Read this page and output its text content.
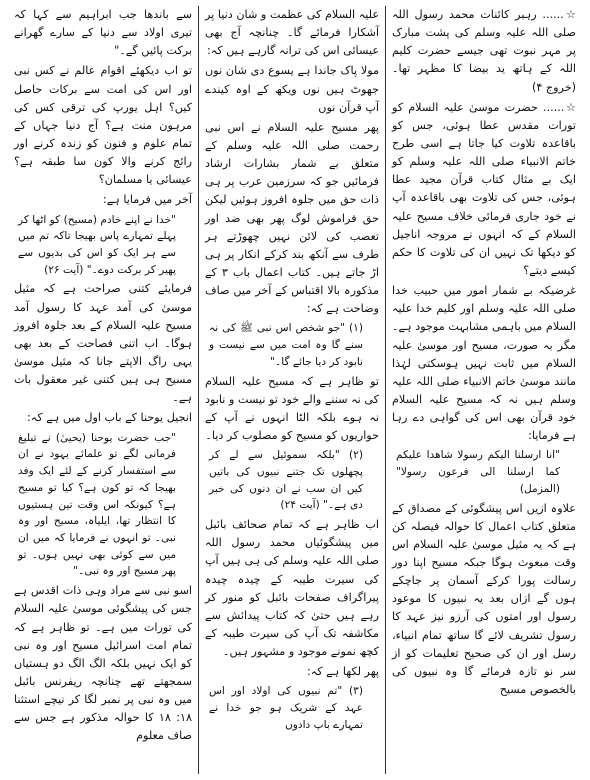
☆...... رہبر کائنات محمد رسول اللہ صلی اللہ علیہ وسلم کی پشت مبارک پر مہر نبوت تھی جیسے حضرت کلیم اللہ کے ہاتھ ید بیضا کا مظہر تھا۔ (خروج ۴)

☆...... حضرت موسیٰ علیہ السلام کو تورات مقدس عطا ہوئی، جس کو باقاعدہ تلاوت کیا جاتا ہے اسی طرح خاتم الانبیاء صلی اللہ علیہ وسلم کو ایک بے مثال کتاب قرآن مجید عطا ہوئی، جس کی تلاوت بھی باقاعدہ آپ نے خود جاری فرمائی خلاف مسیح علیہ السلام کے کہ انہوں نے مروجہ اناجیل کو دیکھا تک نہیں ان کی تلاوت کا حکم کیسے دیتے؟

غرضیکہ بے شمار امور میں حبیب خدا صلی اللہ علیہ وسلم اور کلیم خدا علیہ السلام میں باہمی مشابہت موجود ہے۔ مگر بہ صورت، مسیح اور موسیٰ علیہ السلام میں ثابت نہیں ہوسکتی لہٰذا مانند موسیٰ خاتم الانبیاء صلی اللہ علیہ وسلم ہیں نہ کہ مسیح علیہ السلام خود قرآن بھی اس کی گواہی دے رہا ہے فرمایا:

"انا ارسلنا الیکم رسولا شاھدا علیکم کما ارسلنا الی فرعون رسولا" (المزمل)

علاوہ ازیں اس پیشگوئی کے مصداق کے متعلق کتاب اعمال کا حوالہ فیصلہ کن ہے کہ یہ مثیل موسیٰ علیہ السلام اس وقت مبعوث ہوگا جبکہ مسیح اپنا دور رسالت پورا کرکے آسمان پر جاچکے ہوں گے ازاں بعد یہ نبیوں کا موعود رسول اور امتوں کی آرزو نیز عہد کا رسول تشریف لائے گا ساتھ تمام انبیاء، رسل اور ان کی صحیح تعلیمات کو از سر نو تازہ فرمائے گا وہ نبیوں کی بالخصوص مسیح

علیہ السلام کی عظمت و شان دنیا پر آشکارا فرمائے گا۔ چنانچہ آج بھی عیسائی اس کی ترانہ گارہے ہیں کہ:

مولا پاک جاندا ہے یسوع دی شان نوں جھوٹ ہیں نوں ویکھ کے اوہ کیندے آپ قرآن نوں

پھر مسیح علیہ السلام نے اس نبی رحمت صلی اللہ علیہ وسلم کے متعلق بے شمار بشارات ارشاد فرمائیں جو کہ سرزمین عرب پر ہی ذات حق میں جلوہ افروز ہوئیں لیکن حق فراموش لوگ پھر بھی ضد اور تعصب کی لائن نہیں چھوڑتے ہر طرف سے آنکھ بند کرکے انکار پر ہی اڑ جاتے ہیں۔ کتاب اعمال باب ۳ کے مذکورہ بالا اقتباس کے آخر میں صاف وضاحت ہے کہ:

(۱) "جو شخص اس نبی ﷺ کی نہ سنے گا وہ امت میں سے نیست و نابود کر دیا جائے گا۔"

تو ظاہر ہے کہ مسیح علیہ السلام کی نہ سننے والے خود تو نیست و نابود نہ ہوے بلکہ الٹا انہوں نے آپ کے حواریوں کو مسیح کو مصلوب کر دیا۔

(۲) "بلکہ سموئیل سے لے کر پچھلوں تک جتنے نبیوں کی باتیں کیں ان سب نے ان دنوں کی خبر دی ہے۔" (آیت ۲۴)

اب ظاہر ہے کہ تمام صحائف بائبل میں پیشگوئیاں محمد رسول اللہ صلی اللہ علیہ وسلم کی ہی ہیں آپ کی سیرت طیبہ کے چیدہ چیدہ پیراگراف صفحات بائبل کو منور کر رہے ہیں حتیٰ کہ کتاب پیدائش سے مکاشفہ تک آپ کی سیرت طیبہ کے کچھ نمونے موجود و مشہور ہیں۔

پھر لکھا ہے کہ:

(۳) "تم نبیوں کی اولاد اور اس عہد کے شریک ہو جو خدا نے تمہارے باپ دادوں

سے باندھا جب ابراہیم سے کہا کہ تیری اولاد سے دنیا کے سارے گھرانے برکت پائیں گے۔"

تو اب دیکھئے اقوام عالم نے کس نبی اور اس کی امت سے برکات حاصل کیں؟ اہل یورپ کی ترقی کس کی مرہون منت ہے؟ آج دنیا جہاں کے تمام علوم و فنون کو زندہ کرنے اور رائج کرنے والا کون سا طبقہ ہے؟ عیسائی یا مسلمان؟

آخر میں فرمایا ہے:

"خدا نے اپنے خادم (مسیح) کو اٹھا کر پہلے تمہارے پاس بھیجا تاکہ تم میں سے ہر ایک کو اس کی بدیوں سے پھیر کر برکت دوے۔" (آیت ۲۶)

فرمایئے کتنی صراحت ہے کہ مثیل موسیٰ کی آمد عہد کا رسول آمد مسیح علیہ السلام کے بعد جلوہ افروز ہوگا۔ اب اتنی فصاحت کے بعد بھی یہی راگ الاپتے جانا کہ مثیل موسیٰ مسیح ہی ہیں کتنی غیر معقول بات ہے۔

انجیل یوحنا کے باب اول میں ہے کہ:

"جب حضرت یوحنا (یحییٰ) نے تبلیغ فرمانی لگے تو علمائے یہود نے ان سے استفسار کرنے کے لئے ایک وفد بھیجا کہ تو کون ہے؟ کیا تو مسیح ہے؟ کیونکہ اس وقت تین ہستیوں کا انتظار تھا، ایلیاہ، مسیح اور وہ نبی۔ تو انہوں نے فرمایا کہ میں ان میں سے کوئی بھی نہیں ہوں۔ تو پھر مسیح اور وہ نبی۔"

اسو نبی سے مراد وہی ذات اقدس ہے جس کی پیشگوئی موسیٰ علیہ السلام کی تورات میں ہے۔ تو ظاہر ہے کہ تمام امت اسرائیل مسیح اور وہ نبی کو ایک نہیں بلکہ الگ الگ دو ہستیاں سمجھتے تھے چنانچہ ریفرنس بائبل میں وہ نبی پر نمبر لگا کر نیچے استثنا ۱۸: ۱۸ کا حوالہ مذکور ہے جس سے صاف معلوم
